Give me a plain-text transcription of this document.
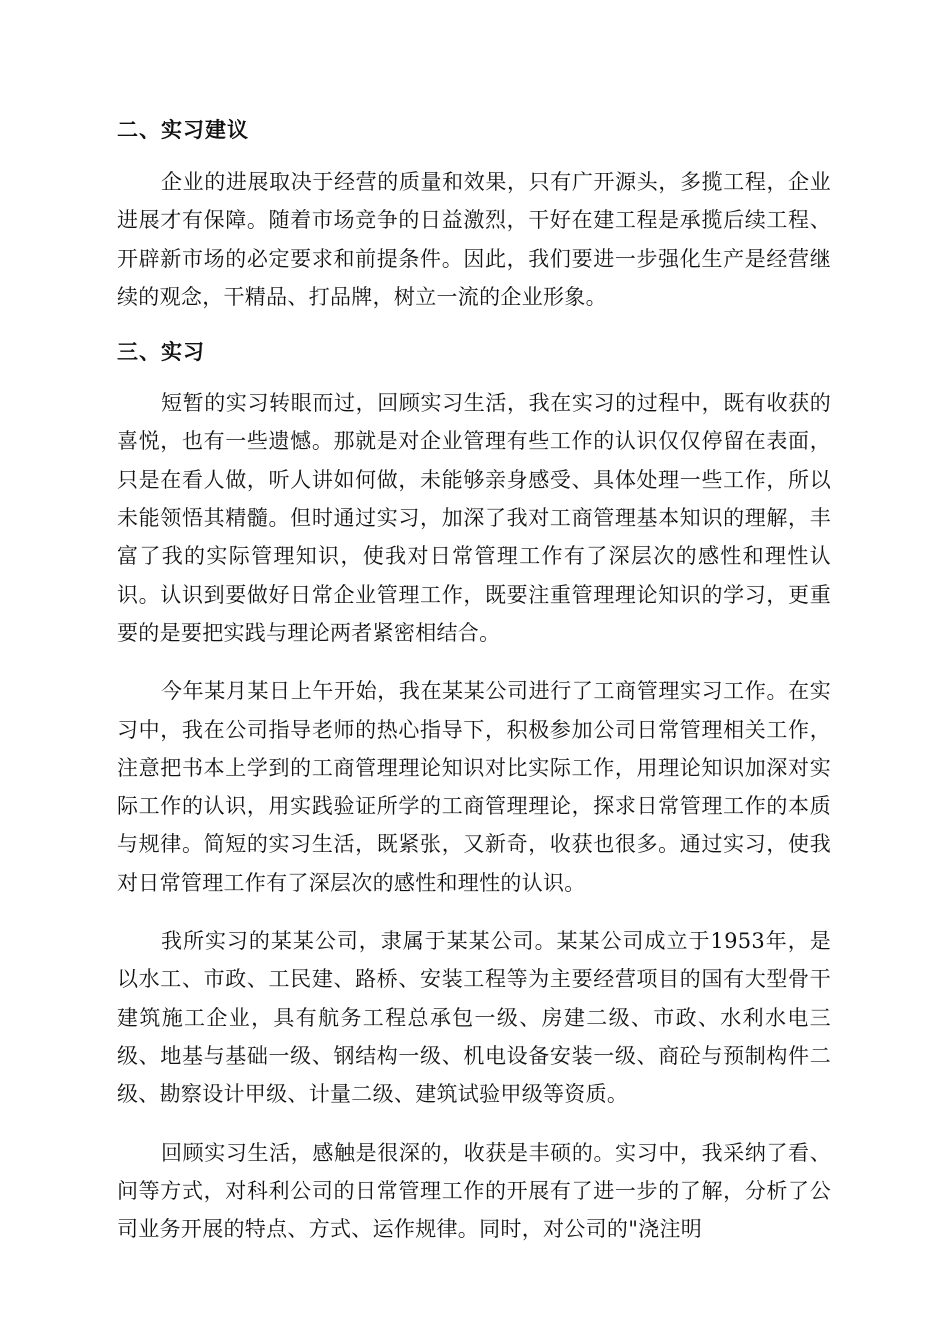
二、实习建议

企业的进展取决于经营的质量和效果，只有广开源头，多揽工程，企业进展才有保障。随着市场竞争的日益激烈，干好在建工程是承揽后续工程、开辟新市场的必定要求和前提条件。因此，我们要进一步强化生产是经营继续的观念，干精品、打品牌，树立一流的企业形象。

三、实习

短暂的实习转眼而过，回顾实习生活，我在实习的过程中，既有收获的喜悦，也有一些遗憾。那就是对企业管理有些工作的认识仅仅停留在表面，只是在看人做，听人讲如何做，未能够亲身感受、具体处理一些工作，所以未能领悟其精髓。但时通过实习，加深了我对工商管理基本知识的理解，丰富了我的实际管理知识，使我对日常管理工作有了深层次的感性和理性认识。认识到要做好日常企业管理工作，既要注重管理理论知识的学习，更重要的是要把实践与理论两者紧密相结合。

今年某月某日上午开始，我在某某公司进行了工商管理实习工作。在实习中，我在公司指导老师的热心指导下，积极参加公司日常管理相关工作，注意把书本上学到的工商管理理论知识对比实际工作，用理论知识加深对实际工作的认识，用实践验证所学的工商管理理论，探求日常管理工作的本质与规律。简短的实习生活，既紧张，又新奇，收获也很多。通过实习，使我对日常管理工作有了深层次的感性和理性的认识。

我所实习的某某公司，隶属于某某公司。某某公司成立于1953年，是以水工、市政、工民建、路桥、安装工程等为主要经营项目的国有大型骨干建筑施工企业，具有航务工程总承包一级、房建二级、市政、水利水电三级、地基与基础一级、钢结构一级、机电设备安装一级、商砼与预制构件二级、勘察设计甲级、计量二级、建筑试验甲级等资质。

回顾实习生活，感触是很深的，收获是丰硕的。实习中，我采纳了看、问等方式，对科利公司的日常管理工作的开展有了进一步的了解，分析了公司业务开展的特点、方式、运作规律。同时，对公司的"浇注明
